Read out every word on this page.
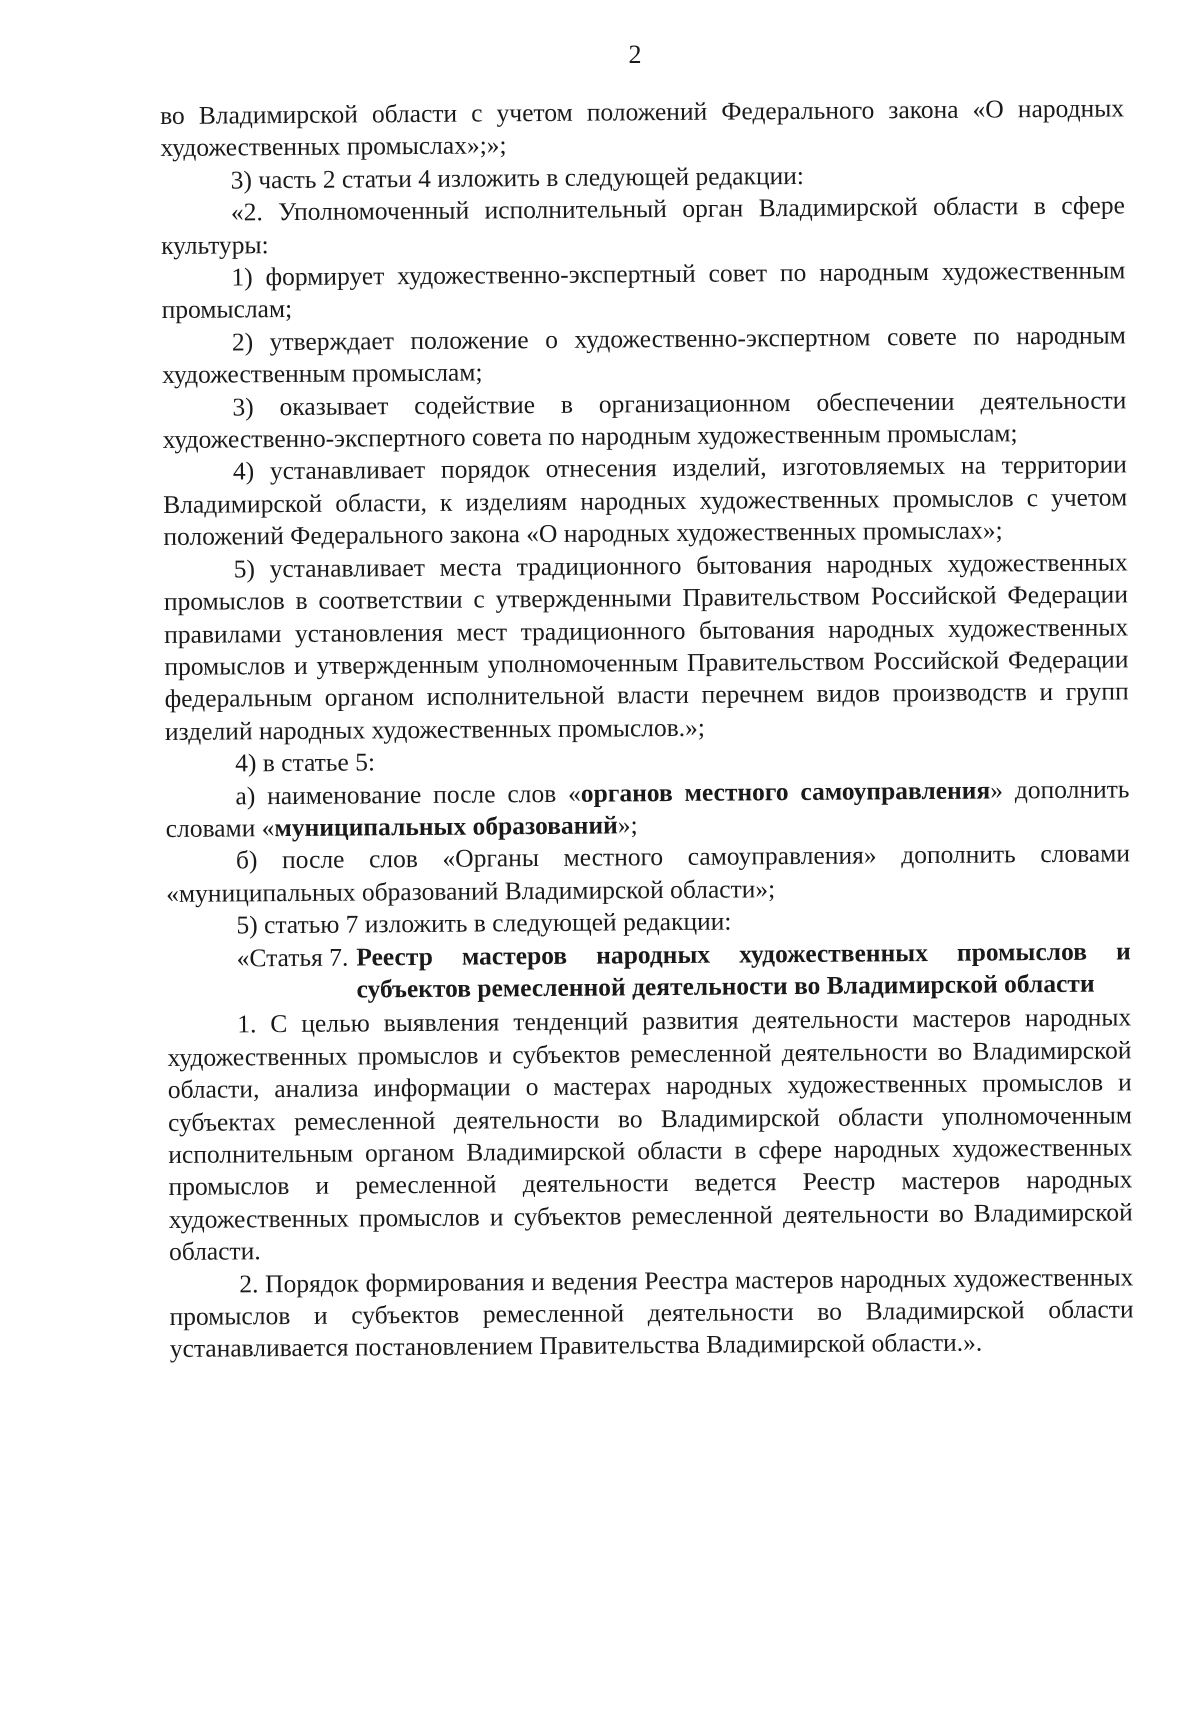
2

во Владимирской области с учетом положений Федерального закона «О народных художественных промыслах»;»;

3) часть 2 статьи 4 изложить в следующей редакции:

«2. Уполномоченный исполнительный орган Владимирской области в сфере культуры:

1) формирует художественно-экспертный совет по народным художественным промыслам;

2) утверждает положение о художественно-экспертном совете по народным художественным промыслам;

3) оказывает содействие в организационном обеспечении деятельности художественно-экспертного совета по народным художественным промыслам;

4) устанавливает порядок отнесения изделий, изготовляемых на территории Владимирской области, к изделиям народных художественных промыслов с учетом положений Федерального закона «О народных художественных промыслах»;

5) устанавливает места традиционного бытования народных художественных промыслов в соответствии с утвержденными Правительством Российской Федерации правилами установления мест традиционного бытования народных художественных промыслов и утвержденным уполномоченным Правительством Российской Федерации федеральным органом исполнительной власти перечнем видов производств и групп изделий народных художественных промыслов.»;

4) в статье 5:

а) наименование после слов «органов местного самоуправления» дополнить словами «муниципальных образований»;

б) после слов «Органы местного самоуправления» дополнить словами «муниципальных образований Владимирской области»;

5) статью 7 изложить в следующей редакции:

«Статья 7. Реестр мастеров народных художественных промыслов и субъектов ремесленной деятельности во Владимирской области

1. С целью выявления тенденций развития деятельности мастеров народных художественных промыслов и субъектов ремесленной деятельности во Владимирской области, анализа информации о мастерах народных художественных промыслов и субъектах ремесленной деятельности во Владимирской области уполномоченным исполнительным органом Владимирской области в сфере народных художественных промыслов и ремесленной деятельности ведется Реестр мастеров народных художественных промыслов и субъектов ремесленной деятельности во Владимирской области.

2. Порядок формирования и ведения Реестра мастеров народных художественных промыслов и субъектов ремесленной деятельности во Владимирской области устанавливается постановлением Правительства Владимирской области.».
